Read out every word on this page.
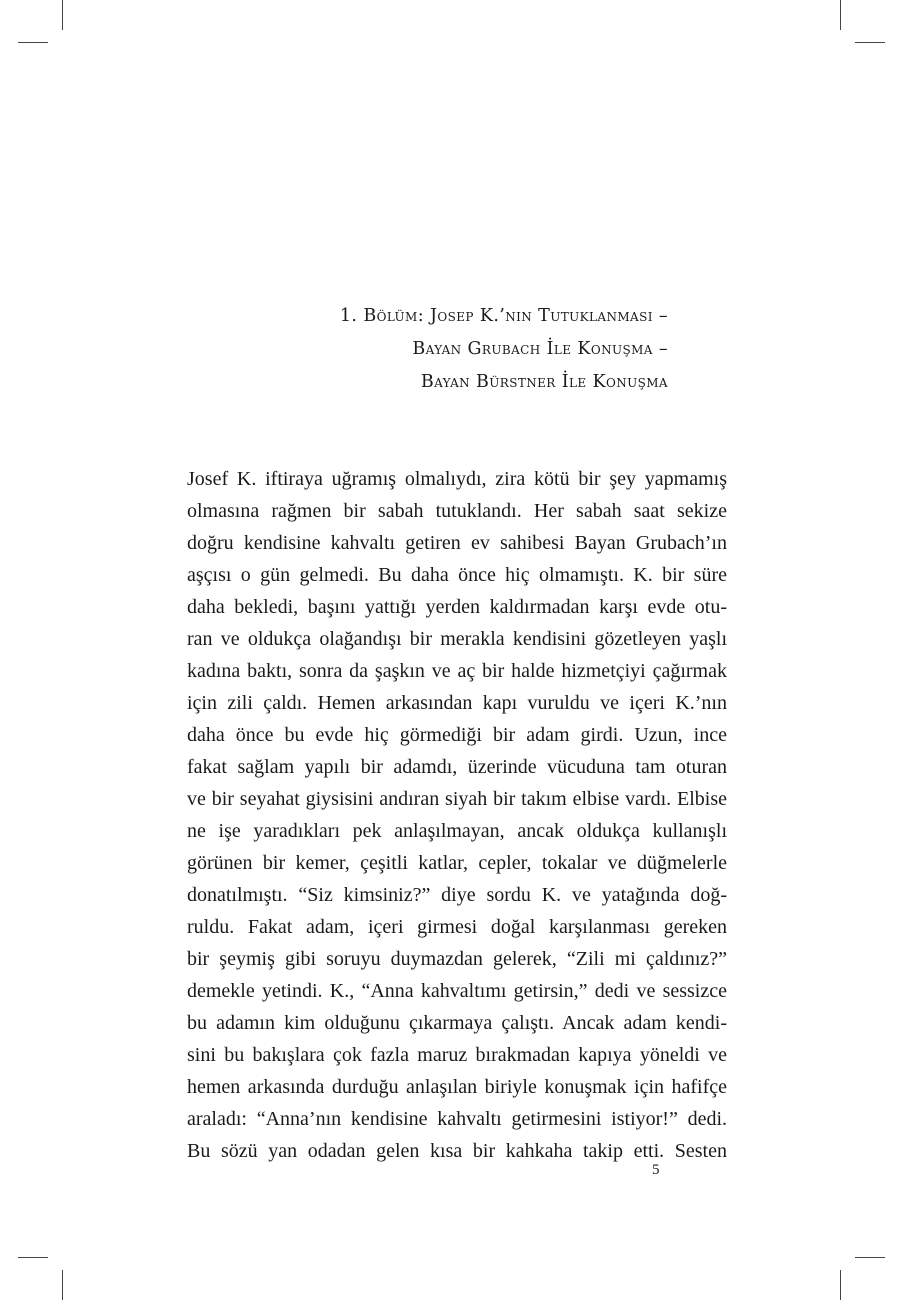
1. Bölüm: Josep K.’nın Tutuklanması –
Bayan Grubach İle Konuşma –
Bayan Bürstner İle Konuşma
Josef K. iftiraya uğramış olmalıydı, zira kötü bir şey yapmamış
olmasına rağmen bir sabah tutuklandı. Her sabah saat sekize
doğru kendisine kahvaltı getiren ev sahibesi Bayan Grubach’ın
aşçısı o gün gelmedi. Bu daha önce hiç olmamıştı. K. bir süre
daha bekledi, başını yattığı yerden kaldırmadan karşı evde otu-
ran ve oldukça olağandışı bir merakla kendisini gözetleyen yaşlı
kadına baktı, sonra da şaşkın ve aç bir halde hizmetçiyi çağırmak
için zili çaldı. Hemen arkasından kapı vuruldu ve içeri K.’nın
daha önce bu evde hiç görmediği bir adam girdi. Uzun, ince
fakat sağlam yapılı bir adamdı, üzerinde vücuduna tam oturan
ve bir seyahat giysisini andıran siyah bir takım elbise vardı. Elbise
ne işe yaradıkları pek anlaşılmayan, ancak oldukça kullanışlı
görünen bir kemer, çeşitli katlar, cepler, tokalar ve düğmelerle
donatılmıştı. “Siz kimsiniz?” diye sordu K. ve yatağında doğ-
ruldu. Fakat adam, içeri girmesi doğal karşılanması gereken
bir şeymiş gibi soruyu duymazdan gelerek, “Zili mi çaldınız?”
demekle yetindi. K., “Anna kahvaltımı getirsin,” dedi ve sessizce
bu adamın kim olduğunu çıkarmaya çalıştı. Ancak adam kendi-
sini bu bakışlara çok fazla maruz bırakmadan kapıya yöneldi ve
hemen arkasında durduğu anlaşılan biriyle konuşmak için hafifçe
araladı: “Anna’nın kendisine kahvaltı getirmesini istiyor!” dedi.
Bu sözü yan odadan gelen kısa bir kahkaha takip etti. Sesten
5
